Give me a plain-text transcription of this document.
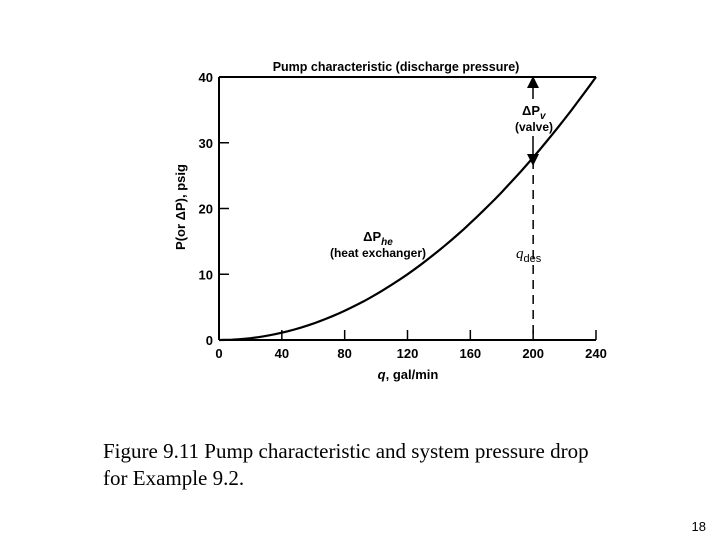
0	40	80	120	160	200	240
0
10
20
30
40
Pump characteristic (discharge pressure)
q, gal/min
P(or ΔP), psig
$\Delta P_v$
(valve)
$\Delta P_{he}$
(heat exchanger)	$q_{des}$
Figure 9.11 Pump characteristic and system pressure drop
for Example 9.2.
18
